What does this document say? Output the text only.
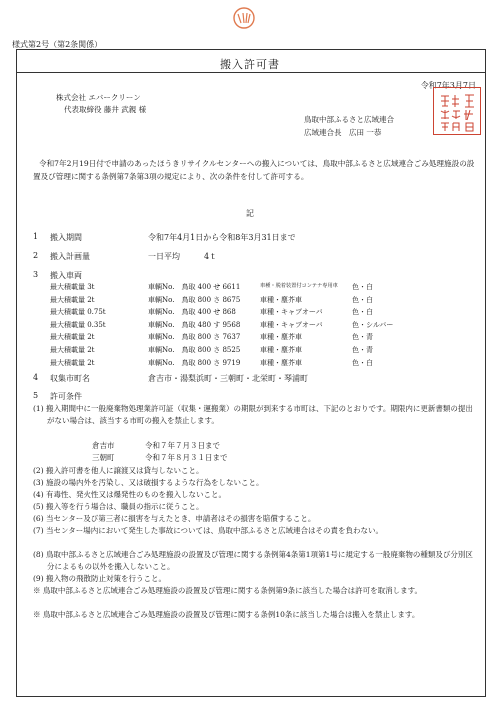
様式第2号（第2条関係）
搬入許可書
令和7年3月7日
株式会社 エバークリーン
代表取締役 藤井 武親 様
鳥取中部ふるさと広域連合
広域連合長　広田 一恭
令和7年2月19日付で申請のあったほうきリサイクルセンターへの搬入については、鳥取中部ふるさと広域連合ごみ処理施設の設置及び管理に関する条例第7条第3項の規定により、次の条件を付して許可する。
記
1 搬入期間	令和7年4月1日から令和8年3月31日まで
2 搬入計画量	一日平均　　　4ｔ
3 搬入車両
最大積載量 3t	車輌No.　鳥取 400 せ 6611	車種・脱着装置付コンテナ専用車 色・白
最大積載量 2t	車輌No.　鳥取 800 さ 8675	車種・塵芥車	色・白
最大積載量 0.75t	車輌No.　鳥取 400 せ 868	車種・キャブオーバ	色・白
最大積載量 0.35t	車輌No.　鳥取 480 す 9568	車種・キャブオーバ	色・シルバー
最大積載量 2t	車輌No.　鳥取 800 さ 7637	車種・塵芥車	色・青
最大積載量 2t	車輌No.　鳥取 800 さ 8525	車種・塵芥車	色・青
最大積載量 2t	車輌No.　鳥取 800 さ 9719	車種・塵芥車	色・白
4 収集市町名	倉吉市・湯梨浜町・三朝町・北栄町・琴浦町
5 許可条件
(1) 搬入期間中に一般廃棄物処理業許可証（収集・運搬業）の期限が到来する市町は、下記のとおりです。期限内に更新書類の提出がない場合は、該当する市町の搬入を禁止します。
倉吉市	令和７年７月３日まで
三朝町	令和７年８月３１日まで
(2) 搬入許可書を他人に譲渡又は貸与しないこと。
(3) 施設の場内外を汚染し、又は破損するような行為をしないこと。
(4) 有毒性、発火性又は爆発性のものを搬入しないこと。
(5) 搬入等を行う場合は、職員の指示に従うこと。
(6) 当センター及び第三者に損害を与えたとき、申請者はその損害を賠償すること。
(7) 当センター場内において発生した事故については、鳥取中部ふるさと広域連合はその責を負わない。
(8) 鳥取中部ふるさと広域連合ごみ処理施設の設置及び管理に関する条例第4条第1項第1号に規定する一般廃棄物の種類及び分別区分によるもの以外を搬入しないこと。
(9) 搬入物の飛散防止対策を行うこと。
※ 鳥取中部ふるさと広域連合ごみ処理施設の設置及び管理に関する条例第9条に該当した場合は許可を取消します。
※ 鳥取中部ふるさと広域連合ごみ処理施設の設置及び管理に関する条例10条に該当した場合は搬入を禁止します。
